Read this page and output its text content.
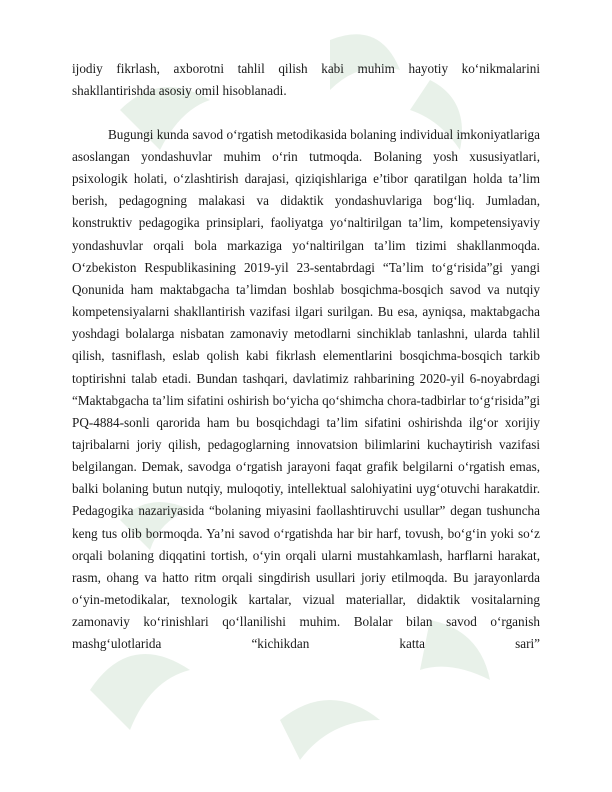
ijodiy fikrlash, axborotni tahlil qilish kabi muhim hayotiy ko‘nikmalarini shakllantirishda asosiy omil hisoblanadi.

Bugungi kunda savod o‘rgatish metodikasida bolaning individual imkoniyatlariga asoslangan yondashuvlar muhim o‘rin tutmoqda. Bolaning yosh xususiyatlari, psixologik holati, o‘zlashtirish darajasi, qiziqishlariga e’tibor qaratilgan holda ta’lim berish, pedagogning malakasi va didaktik yondashuvlariga bog‘liq. Jumladan, konstruktiv pedagogika prinsiplari, faoliyatga yo‘naltirilgan ta’lim, kompetensiyaviy yondashuvlar orqali bola markaziga yo‘naltirilgan ta’lim tizimi shakllanmoqda. O‘zbekiston Respublikasining 2019-yil 23-sentabrdagi “Ta’lim to‘g‘risida”gi yangi Qonunida ham maktabgacha ta’limdan boshlab bosqichma-bosqich savod va nutqiy kompetensiyalarni shakllantirish vazifasi ilgari surilgan. Bu esa, ayniqsa, maktabgacha yoshdagi bolalarga nisbatan zamonaviy metodlarni sinchiklab tanlashni, ularda tahlil qilish, tasniflash, eslab qolish kabi fikrlash elementlarini bosqichma-bosqich tarkib toptirishni talab etadi. Bundan tashqari, davlatimiz rahbarining 2020-yil 6-noyabrdagi “Maktabgacha ta’lim sifatini oshirish bo‘yicha qo‘shimcha chora-tadbirlar to‘g‘risida”gi PQ-4884-sonli qarorida ham bu bosqichdagi ta’lim sifatini oshirishda ilg‘or xorijiy tajribalarni joriy qilish, pedagoglarning innovatsion bilimlarini kuchaytirish vazifasi belgilangan. Demak, savodga o‘rgatish jarayoni faqat grafik belgilarni o‘rgatish emas, balki bolaning butun nutqiy, muloqotiy, intellektual salohiyatini uyg‘otuvchi harakatdir. Pedagogika nazariyasida “bolaning miyasini faollashtiruvchi usullar” degan tushuncha keng tus olib bormoqda. Ya’ni savod o‘rgatishda har bir harf, tovush, bo‘g‘in yoki so‘z orqali bolaning diqqatini tortish, o‘yin orqali ularni mustahkamlash, harflarni harakat, rasm, ohang va hatto ritm orqali singdirish usullari joriy etilmoqda. Bu jarayonlarda o‘yin-metodikalar, texnologik kartalar, vizual materiallar, didaktik vositalarning zamonaviy ko‘rinishlari qo‘llanilishi muhim. Bolalar bilan savod o‘rganish mashg‘ulotlarida “kichikdan katta sari”
